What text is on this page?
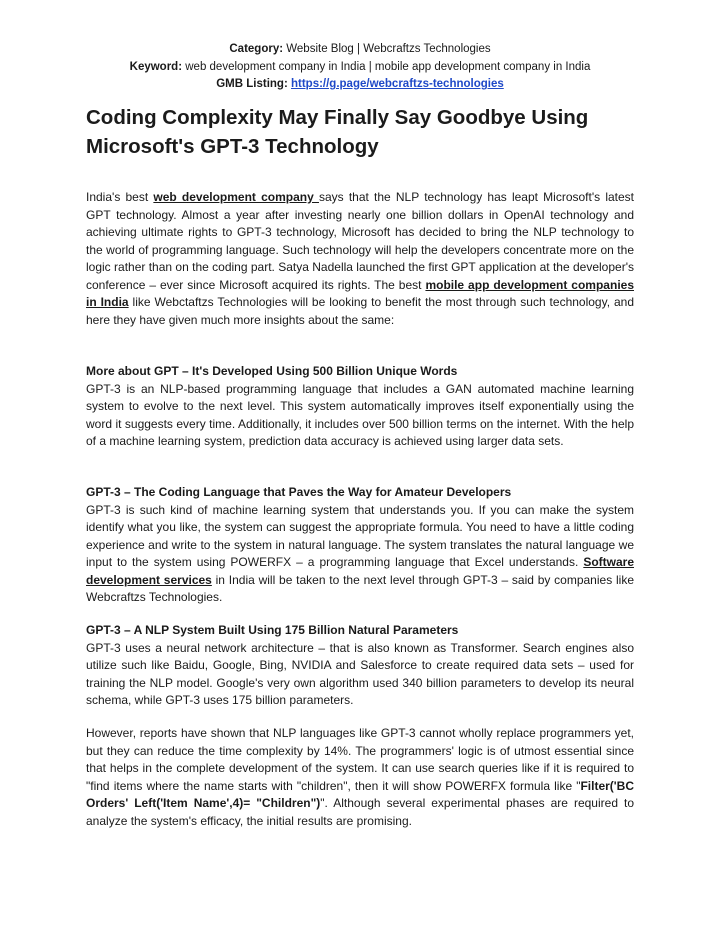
Category: Website Blog | Webcraftzs Technologies
Keyword: web development company in India | mobile app development company in India
GMB Listing: https://g.page/webcraftzs-technologies
Coding Complexity May Finally Say Goodbye Using
Microsoft's GPT-3 Technology

India's best web development company says that the NLP technology has leapt Microsoft's latest GPT technology. Almost a year after investing nearly one billion dollars in OpenAI technology and achieving ultimate rights to GPT-3 technology, Microsoft has decided to bring the NLP technology to the world of programming language. Such technology will help the developers concentrate more on the logic rather than on the coding part. Satya Nadella launched the first GPT application at the developer's conference – ever since Microsoft acquired its rights. The best mobile app development companies in India like Webctaftzs Technologies will be looking to benefit the most through such technology, and here they have given much more insights about the same:

More about GPT – It's Developed Using 500 Billion Unique Words
GPT-3 is an NLP-based programming language that includes a GAN automated machine learning system to evolve to the next level. This system automatically improves itself exponentially using the word it suggests every time. Additionally, it includes over 500 billion terms on the internet. With the help of a machine learning system, prediction data accuracy is achieved using larger data sets.

GPT-3 – The Coding Language that Paves the Way for Amateur Developers
GPT-3 is such kind of machine learning system that understands you. If you can make the system identify what you like, the system can suggest the appropriate formula. You need to have a little coding experience and write to the system in natural language. The system translates the natural language we input to the system using POWERFX – a programming language that Excel understands. Software development services in India will be taken to the next level through GPT-3 – said by companies like Webcraftzs Technologies.

GPT-3 – A NLP System Built Using 175 Billion Natural Parameters
GPT-3 uses a neural network architecture – that is also known as Transformer. Search engines also utilize such like Baidu, Google, Bing, NVIDIA and Salesforce to create required data sets – used for training the NLP model. Google's very own algorithm used 340 billion parameters to develop its neural schema, while GPT-3 uses 175 billion parameters.

However, reports have shown that NLP languages like GPT-3 cannot wholly replace programmers yet, but they can reduce the time complexity by 14%. The programmers' logic is of utmost essential since that helps in the complete development of the system. It can use search queries like if it is required to "find items where the name starts with "children", then it will show POWERFX formula like "Filter('BC Orders' Left('Item Name',4)= "Children")". Although several experimental phases are required to analyze the system's efficacy, the initial results are promising.
